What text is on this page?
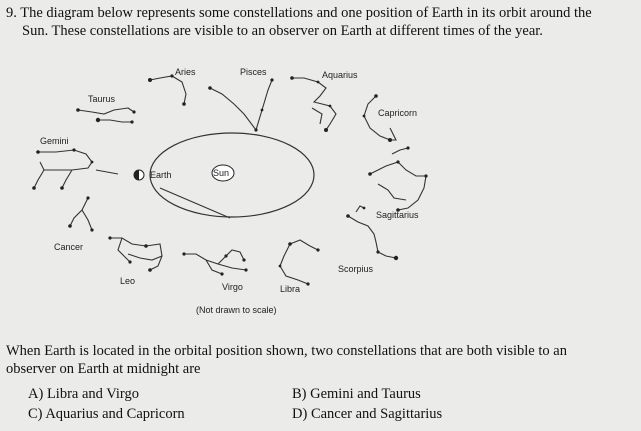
9. The diagram below represents some constellations and one position of Earth in its orbit around the
Sun. These constellations are visible to an observer on Earth at different times of the year.
Aries	Pisces	Aquarius
Taurus
Capricorn
Gemini
Sagittarius
Cancer
Scorpius
Leo
Virgo	Libra
Earth	Sun
(Not drawn to scale)
When Earth is located in the orbital position shown, two constellations that are both visible to an
observer on Earth at midnight are
A) Libra and Virgo	B) Gemini and Taurus
C) Aquarius and Capricorn	D) Cancer and Sagittarius
